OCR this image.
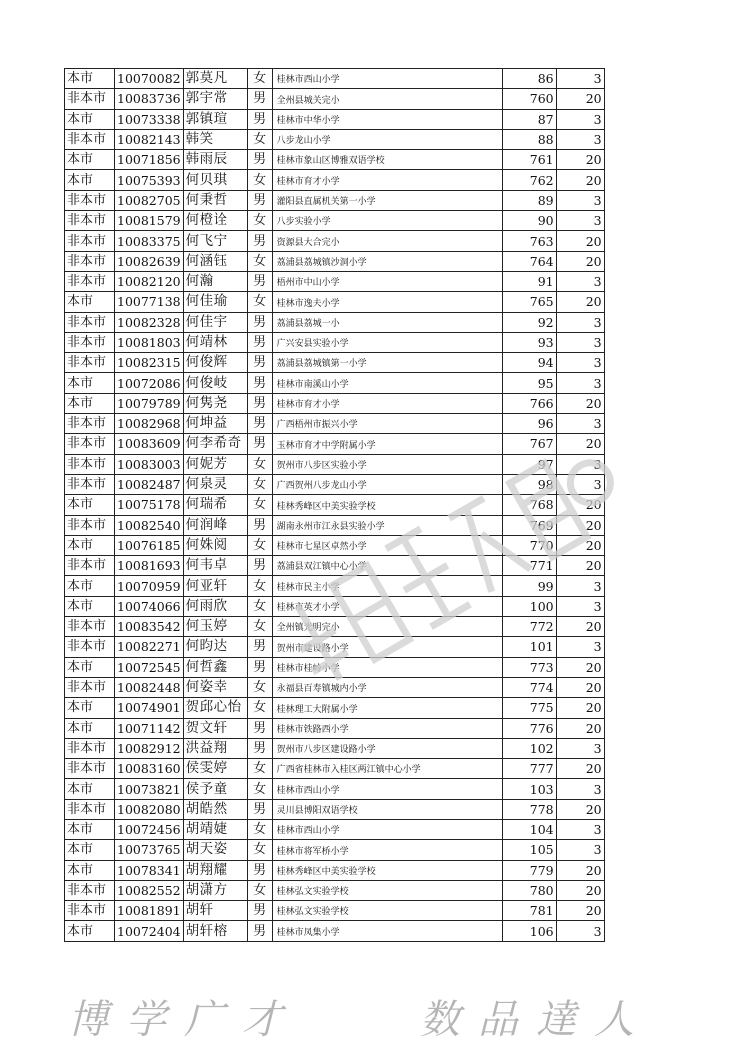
本市	10070082	郭莫凡	女	桂林市西山小学	86	3
非本市	10083736	郭宇常	男	全州县城关完小	760	20
本市	10073338	郭镇瑄	男	桂林市中华小学	87	3
非本市	10082143	韩笑	女	八步龙山小学	88	3
本市	10071856	韩雨辰	男	桂林市象山区博雅双语学校	761	20
本市	10075393	何贝琪	女	桂林市育才小学	762	20
非本市	10082705	何秉哲	男	灌阳县直属机关第一小学	89	3
非本市	10081579	何橙诠	女	八步实验小学	90	3
非本市	10083375	何飞宁	男	资源县大合完小	763	20
非本市	10082639	何涵钰	女	荔浦县荔城镇沙洞小学	764	20
非本市	10082120	何瀚	男	梧州市中山小学	91	3
本市	10077138	何佳瑜	女	桂林市逸夫小学	765	20
非本市	10082328	何佳宇	男	荔浦县荔城一小	92	3
非本市	10081803	何靖林	男	广兴安县实验小学	93	3
非本市	10082315	何俊辉	男	荔浦县荔城镇第一小学	94	3
本市	10072086	何俊岐	男	桂林市南溪山小学	95	3
本市	10079789	何隽尧	男	桂林市育才小学	766	20
非本市	10082968	何坤益	男	广西梧州市振兴小学	96	3
非本市	10083609	何李希奇	男	玉林市育才中学附属小学	767	20
非本市	10083003	何妮芳	女	贺州市八步区实验小学	97	3
非本市	10082487	何泉灵	女	广西贺州八步龙山小学	98	3
本市	10075178	何瑞希	女	桂林秀峰区中美实验学校	768	20
非本市	10082540	何润峰	男	湖南永州市江永县实验小学	769	20
本市	10076185	何姝阅	女	桂林市七星区卓然小学	770	20
非本市	10081693	何韦卓	男	荔浦县双江镇中心小学	771	20
本市	10070959	何亚轩	女	桂林市民主小学	99	3
本市	10074066	何雨欣	女	桂林市英才小学	100	3
非本市	10083542	何玉婷	女	全州镇光明完小	772	20
非本市	10082271	何昀达	男	贺州市建设路小学	101	3
本市	10072545	何哲鑫	男	桂林市桂岭小学	773	20
非本市	10082448	何姿幸	女	永福县百寿镇城内小学	774	20
本市	10074901	贺邱心怡	女	桂林理工大附属小学	775	20
本市	10071142	贺文轩	男	桂林市铁路西小学	776	20
非本市	10082912	洪益翔	男	贺州市八步区建设路小学	102	3
非本市	10083160	侯雯婷	女	广西省桂林市入桂区两江镇中心小学	777	20
本市	10073821	侯予童	女	桂林市西山小学	103	3
非本市	10082080	胡皓然	男	灵川县博阳双语学校	778	20
本市	10072456	胡靖婕	女	桂林市西山小学	104	3
本市	10073765	胡天姿	女	桂林市将军桥小学	105	3
本市	10078341	胡翔耀	男	桂林秀峰区中美实验学校	779	20
非本市	10082552	胡潇方	女	桂林弘文实验学校	780	20
非本市	10081891	胡轩	男	桂林弘文实验学校	781	20
本市	10072404	胡轩榕	男	桂林市凤集小学	106	3
博学广才	数品達人
